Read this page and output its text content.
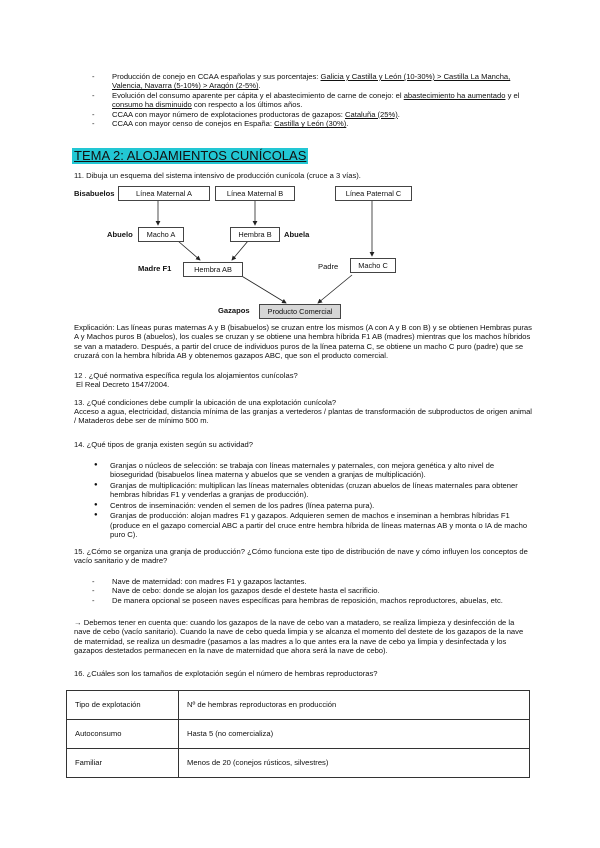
- Producción de conejo en CCAA españolas y sus porcentajes: Galicia y Castilla y León (10-30%) > Castilla La Mancha, Valencia, Navarra (5-10%) > Aragón (2-5%).
- Evolución del consumo aparente per cápita y el abastecimiento de carne de conejo: el abastecimiento ha aumentado y el consumo ha disminuido con respecto a los últimos años.
- CCAA con mayor número de explotaciones productoras de gazapos: Cataluña (25%).
- CCAA con mayor censo de conejos en España: Castilla y León (30%).
TEMA 2: ALOJAMIENTOS CUNÍCOLAS
11. Dibuja un esquema del sistema intensivo de producción cunícola (cruce a 3 vías).
Bisabuelos	Línea Maternal A	Línea Maternal B	Línea Paternal C
Abuelo	Macho A	Hembra B	Abuela
Madre F1	Hembra AB	Padre	Macho C
Gazapos	Producto Comercial
Explicación: Las líneas puras maternas A y B (bisabuelos) se cruzan entre los mismos (A con A y B con B) y se obtienen Hembras puras A y Machos puros B (abuelos), los cuales se cruzan y se obtiene una hembra híbrida F1 AB (madres) mientras que los machos híbridos se van a matadero. Después, a partir del cruce de individuos puros de la línea paterna C, se obtiene un macho C puro (padre) que se cruzará con la hembra híbrida AB y obtenemos gazapos ABC, que son el producto comercial.
12 . ¿Qué normativa específica regula los alojamientos cunícolas?
El Real Decreto 1547/2004.
13. ¿Qué condiciones debe cumplir la ubicación de una explotación cunícola?
Acceso a agua, electricidad, distancia mínima de las granjas a vertederos / plantas de transformación de subproductos de origen animal / Mataderos debe ser de mínimo 500 m.
14. ¿Qué tipos de granja existen según su actividad?
● Granjas o núcleos de selección: se trabaja con líneas maternales y paternales, con mejora genética y alto nivel de bioseguridad (bisabuelos línea materna y abuelos que se venden a granjas de multiplicación).
● Granjas de multiplicación: multiplican las líneas maternales obtenidas (cruzan abuelos de líneas maternales para obtener hembras híbridas F1 y venderlas a granjas de producción).
● Centros de inseminación: venden el semen de los padres (línea paterna pura).
● Granjas de producción: alojan madres F1 y gazapos. Adquieren semen de machos e inseminan a hembras híbridas F1 (produce en el gazapo comercial ABC a partir del cruce entre hembra híbrida de líneas maternas AB y monta o IA de macho puro C).
15. ¿Cómo se organiza una granja de producción? ¿Cómo funciona este tipo de distribución de nave y cómo influyen los conceptos de vacío sanitario y de madre?
- Nave de maternidad: con madres F1 y gazapos lactantes.
- Nave de cebo: donde se alojan los gazapos desde el destete hasta el sacrificio.
- De manera opcional se poseen naves específicas para hembras de reposición, machos reproductores, abuelas, etc.
→ Debemos tener en cuenta que: cuando los gazapos de la nave de cebo van a matadero, se realiza limpieza y desinfección de la nave de cebo (vacío sanitario). Cuando la nave de cebo queda limpia y se alcanza el momento del destete de los gazapos de la nave de maternidad, se realiza un desmadre (pasamos a las madres a lo que antes era la nave de cebo ya limpia y desinfectada y los gazapos destetados permanecen en la nave de maternidad que ahora será la nave de cebo).
16. ¿Cuáles son los tamaños de explotación según el número de hembras reproductoras?
Tipo de explotación	Nº de hembras reproductoras en producción
Autoconsumo	Hasta 5 (no comercializa)
Familiar	Menos de 20 (conejos rústicos, silvestres)
